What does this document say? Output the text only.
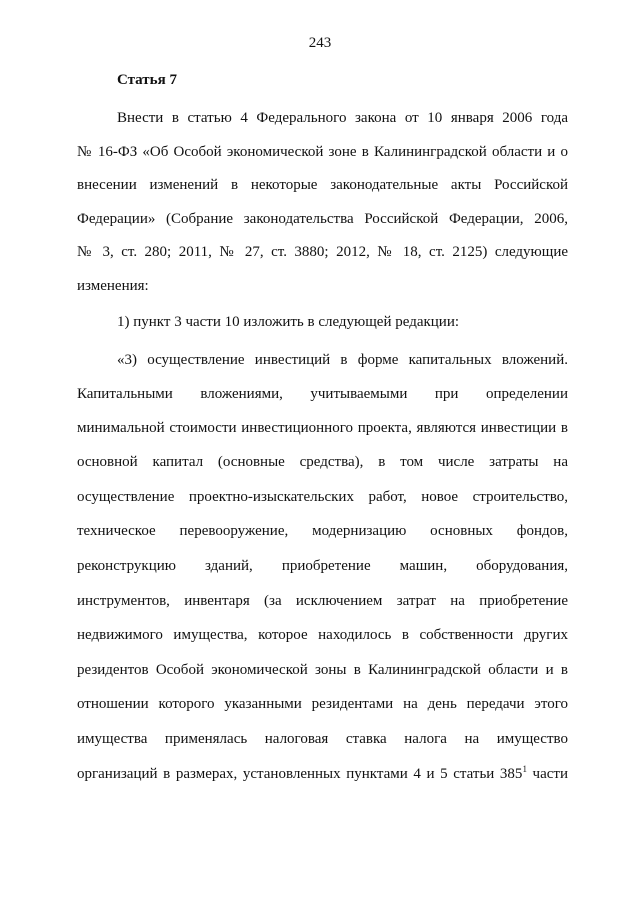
243
Статья 7
Внести в статью 4 Федерального закона от 10 января 2006 года
№ 16-ФЗ «Об Особой экономической зоне в Калининградской области и о
внесении изменений в некоторые законодательные акты Российской
Федерации» (Собрание законодательства Российской Федерации, 2006,
№ 3, ст. 280; 2011, № 27, ст. 3880; 2012, № 18, ст. 2125) следующие
изменения:
1) пункт 3 части 10 изложить в следующей редакции:
«3) осуществление инвестиций в форме капитальных вложений.
Капитальными вложениями, учитываемыми при определении
минимальной стоимости инвестиционного проекта, являются инвестиции в
основной капитал (основные средства), в том числе затраты на
осуществление проектно-изыскательских работ, новое строительство,
техническое перевооружение, модернизацию основных фондов,
реконструкцию зданий, приобретение машин, оборудования,
инструментов, инвентаря (за исключением затрат на приобретение
недвижимого имущества, которое находилось в собственности других
резидентов Особой экономической зоны в Калининградской области и в
отношении которого указанными резидентами на день передачи этого
имущества применялась налоговая ставка налога на имущество
организаций в размерах, установленных пунктами 4 и 5 статьи $385^1$ части
